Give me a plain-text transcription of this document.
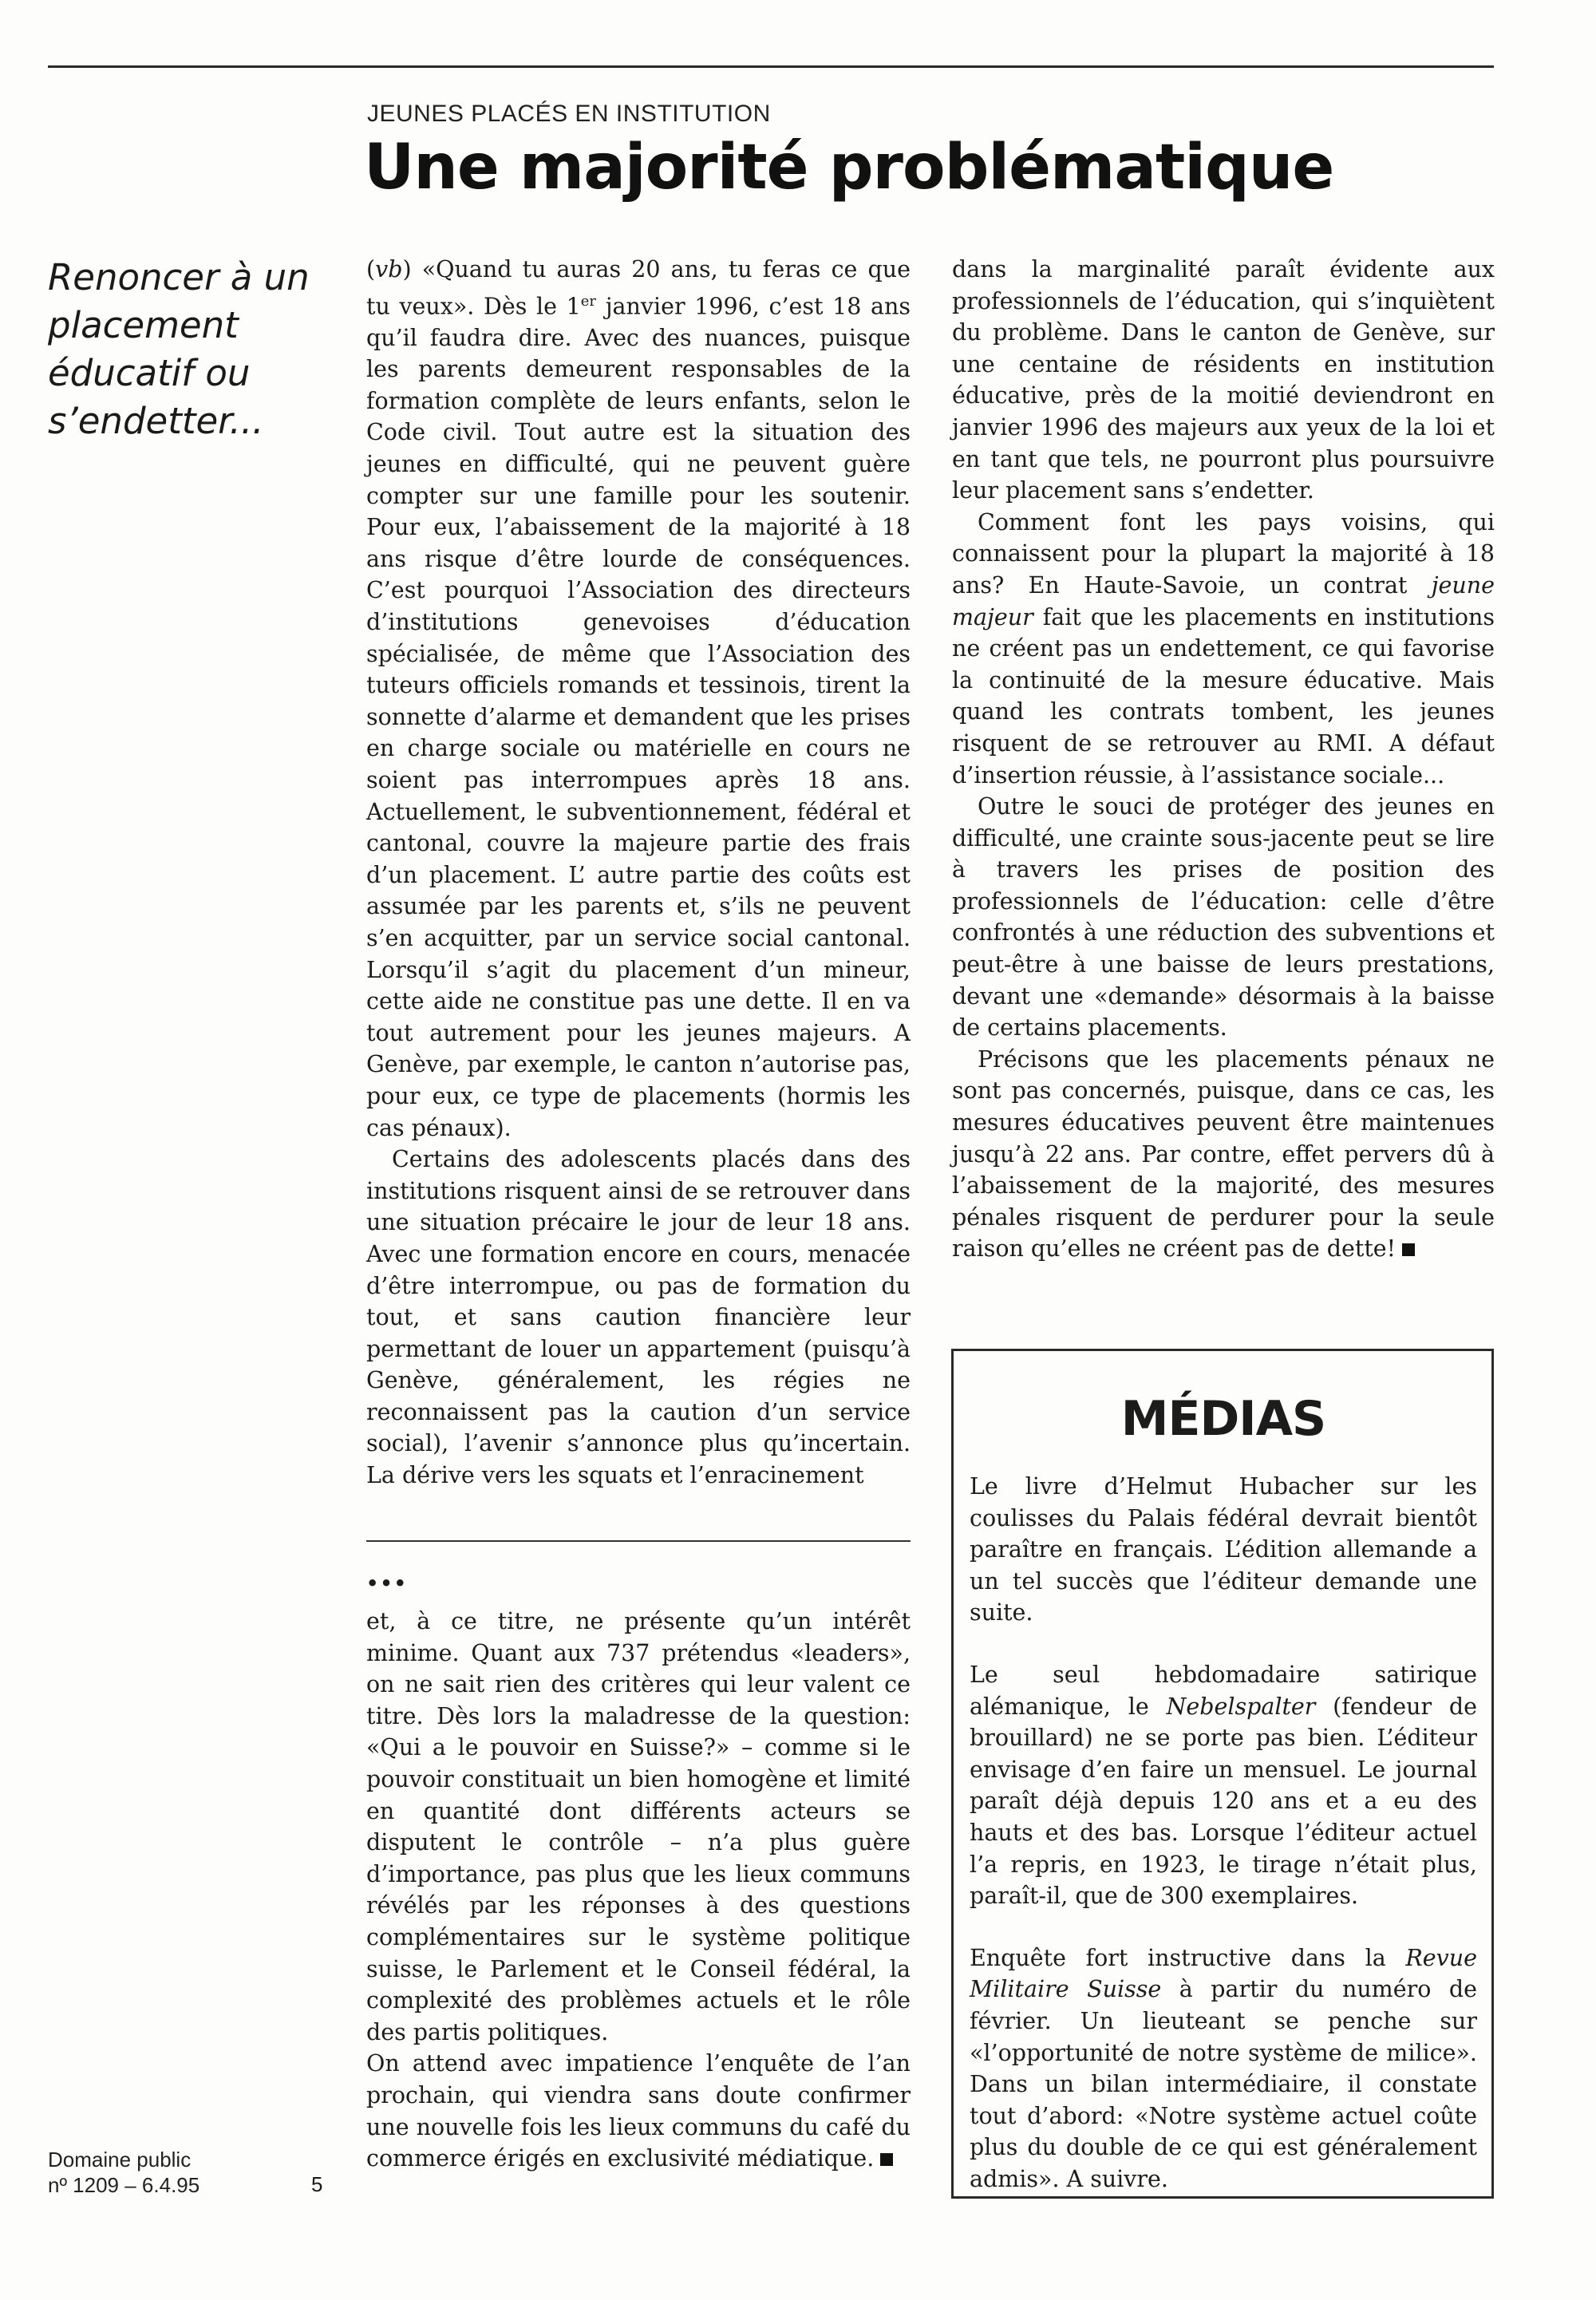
JEUNES PLACÉS EN INSTITUTION
Une majorité problématique

Renoncer à un placement éducatif ou s’endetter...

(vb) «Quand tu auras 20 ans, tu feras ce que tu veux». Dès le 1er janvier 1996, c’est 18 ans qu’il faudra dire. Avec des nuances, puisque les parents demeurent responsables de la formation complète de leurs enfants, selon le Code civil. Tout autre est la situation des jeunes en difficulté, qui ne peuvent guère compter sur une famille pour les soutenir. Pour eux, l’abaissement de la majorité à 18 ans risque d’être lourde de conséquences. C’est pourquoi l’Association des directeurs d’institutions genevoises d’éducation spécialisée, de même que l’Association des tuteurs officiels romands et tessinois, tirent la sonnette d’alarme et demandent que les prises en charge sociale ou matérielle en cours ne soient pas interrompues après 18 ans. Actuellement, le subventionnement, fédéral et cantonal, couvre la majeure partie des frais d’un placement. L’ autre partie des coûts est assumée par les parents et, s’ils ne peuvent s’en acquitter, par un service social cantonal. Lorsqu’il s’agit du placement d’un mineur, cette aide ne constitue pas une dette. Il en va tout autrement pour les jeunes majeurs. A Genève, par exemple, le canton n’autorise pas, pour eux, ce type de placements (hormis les cas pénaux).

Certains des adolescents placés dans des institutions risquent ainsi de se retrouver dans une situation précaire le jour de leur 18 ans. Avec une formation encore en cours, menacée d’être interrompue, ou pas de formation du tout, et sans caution financière leur permettant de louer un appartement (puisqu’à Genève, généralement, les régies ne reconnaissent pas la caution d’un service social), l’avenir s’annonce plus qu’incertain. La dérive vers les squats et l’enracinement

dans la marginalité paraît évidente aux professionnels de l’éducation, qui s’inquiètent du problème. Dans le canton de Genève, sur une centaine de résidents en institution éducative, près de la moitié deviendront en janvier 1996 des majeurs aux yeux de la loi et en tant que tels, ne pourront plus poursuivre leur placement sans s’endetter.

Comment font les pays voisins, qui connaissent pour la plupart la majorité à 18 ans? En Haute-Savoie, un contrat jeune majeur fait que les placements en institutions ne créent pas un endettement, ce qui favorise la continuité de la mesure éducative. Mais quand les contrats tombent, les jeunes risquent de se retrouver au RMI. A défaut d’insertion réussie, à l’assistance sociale...

Outre le souci de protéger des jeunes en difficulté, une crainte sous-jacente peut se lire à travers les prises de position des professionnels de l’éducation: celle d’être confrontés à une réduction des subventions et peut-être à une baisse de leurs prestations, devant une «demande» désormais à la baisse de certains placements.

Précisons que les placements pénaux ne sont pas concernés, puisque, dans ce cas, les mesures éducatives peuvent être maintenues jusqu’à 22 ans. Par contre, effet pervers dû à l’abaissement de la majorité, des mesures pénales risquent de perdurer pour la seule raison qu’elles ne créent pas de dette!

•••

et, à ce titre, ne présente qu’un intérêt minime. Quant aux 737 prétendus «leaders», on ne sait rien des critères qui leur valent ce titre. Dès lors la maladresse de la question: «Qui a le pouvoir en Suisse?» – comme si le pouvoir constituait un bien homogène et limité en quantité dont différents acteurs se disputent le contrôle – n’a plus guère d’importance, pas plus que les lieux communs révélés par les réponses à des questions complémentaires sur le système politique suisse, le Parlement et le Conseil fédéral, la complexité des problèmes actuels et le rôle des partis politiques.

On attend avec impatience l’enquête de l’an prochain, qui viendra sans doute confirmer une nouvelle fois les lieux communs du café du commerce érigés en exclusivité médiatique.

MÉDIAS

Le livre d’Helmut Hubacher sur les coulisses du Palais fédéral devrait bientôt paraître en français. L’édition allemande a un tel succès que l’éditeur demande une suite.

Le seul hebdomadaire satirique alémanique, le Nebelspalter (fendeur de brouillard) ne se porte pas bien. L’éditeur envisage d’en faire un mensuel. Le journal paraît déjà depuis 120 ans et a eu des hauts et des bas. Lorsque l’éditeur actuel l’a repris, en 1923, le tirage n’était plus, paraît-il, que de 300 exemplaires.

Enquête fort instructive dans la Revue Militaire Suisse à partir du numéro de février. Un lieuteant se penche sur «l’opportunité de notre système de milice». Dans un bilan intermédiaire, il constate tout d’abord: «Notre système actuel coûte plus du double de ce qui est généralement admis». A suivre.

Domaine public
nº 1209 – 6.4.95	5
